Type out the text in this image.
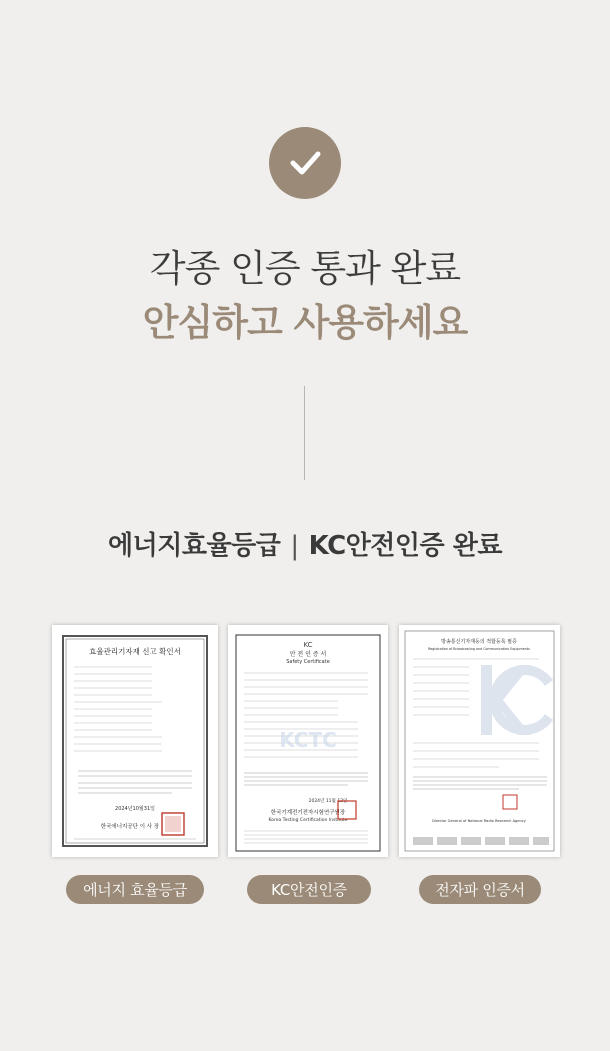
각종 인증 통과 완료
안심하고 사용하세요
에너지효율등급 | KC안전인증 완료
효율관리기자재 신고 확인서
2024년10월31일
한국에너지공단 이 사 장
KC
안 전 인 증 서
Safety Certificate
KCTC
2024년 11월 12일
한국기계전기전자시험연구원장
Korea Testing Certification Institute
방송통신기자재등의 적합등록 필증
Registration of Broadcasting and Communication Equipments
Director General of National Radio Research Agency
에너지 효율등급	KC안전인증	전자파 인증서
